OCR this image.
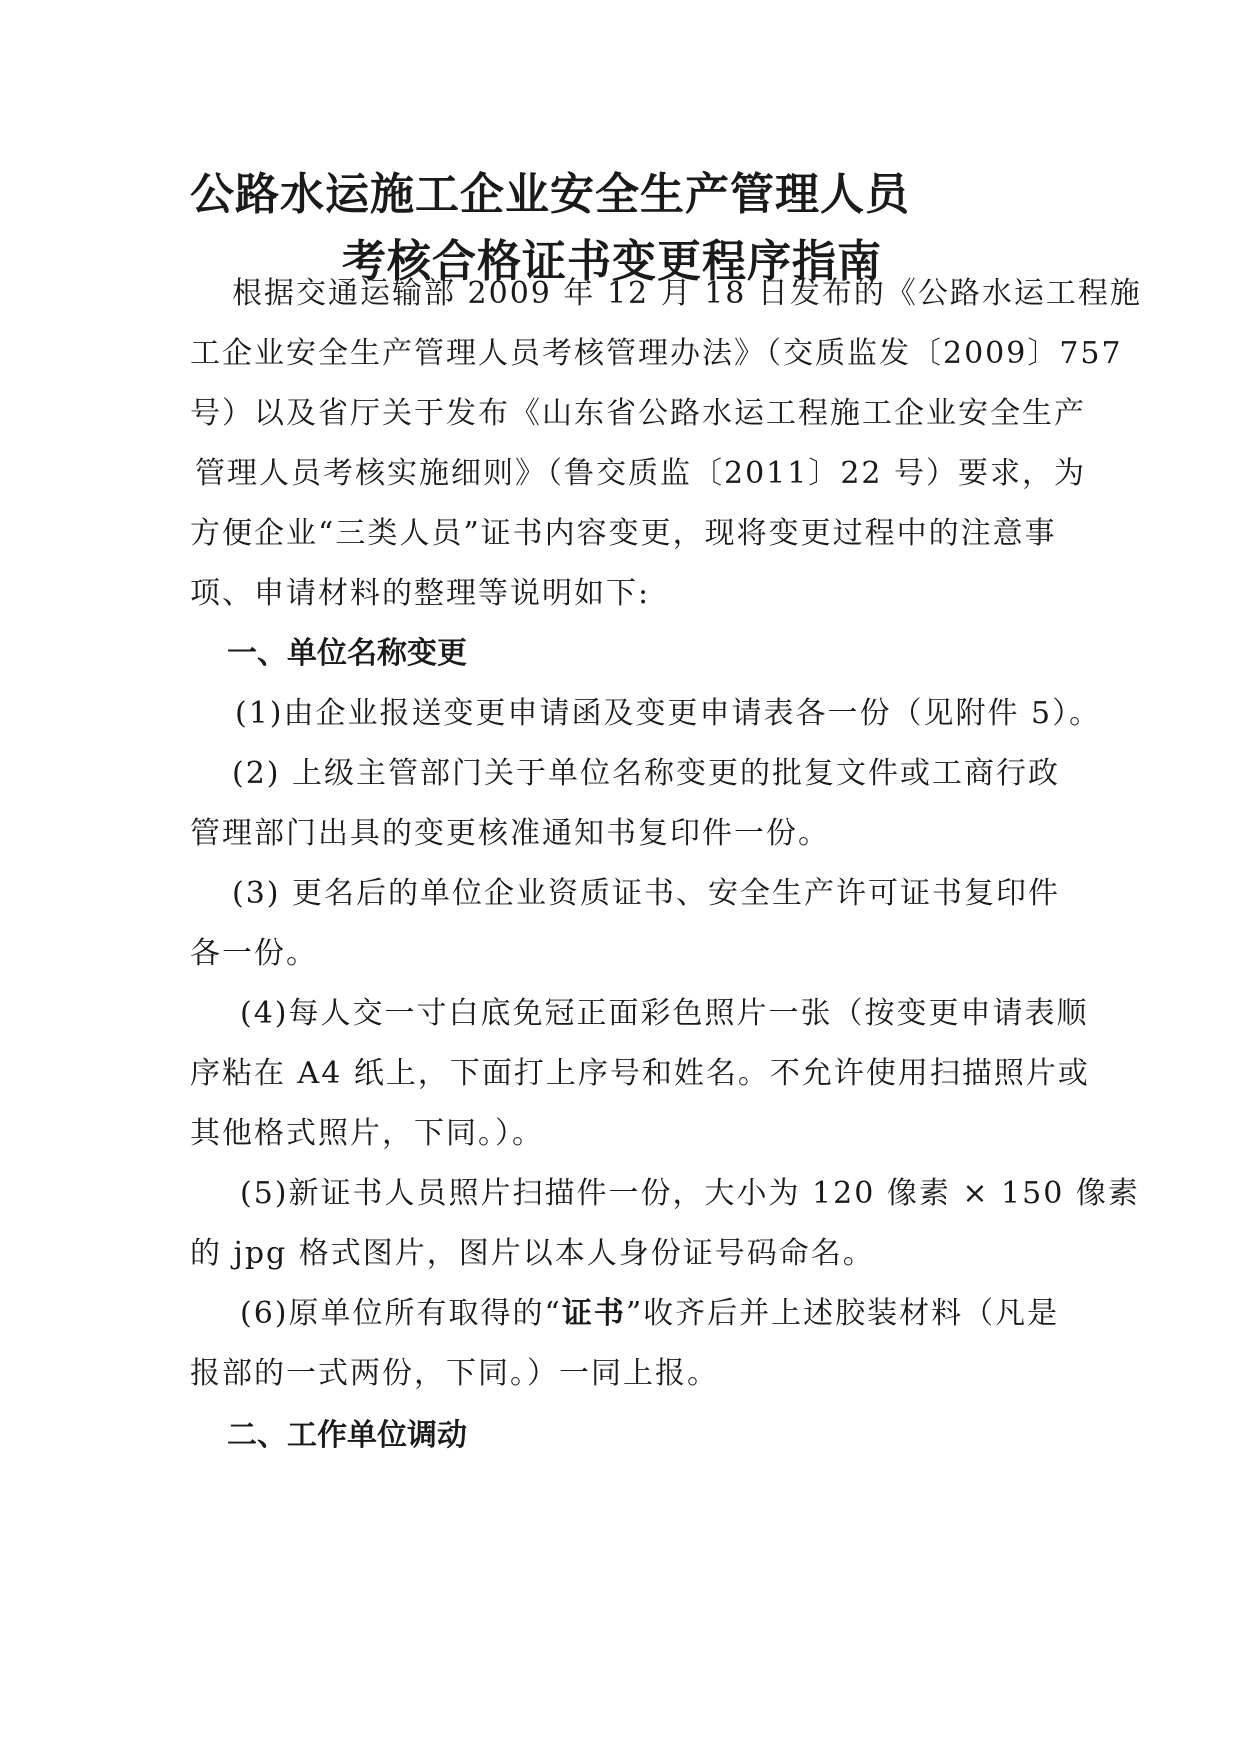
公路水运施工企业安全生产管理人员
考核合格证书变更程序指南

根据交通运输部 2009 年 12 月 18 日发布的《公路水运工程施

工企业安全生产管理人员考核管理办法》（交质监发〔2009〕757

号）以及省厅关于发布《山东省公路水运工程施工企业安全生产

管理人员考核实施细则》（鲁交质监〔2011〕22 号）要求，为

方便企业“三类人员”证书内容变更，现将变更过程中的注意事

项、申请材料的整理等说明如下:

一、单位名称变更

(1)由企业报送变更申请函及变更申请表各一份（见附件 5）。

(2) 上级主管部门关于单位名称变更的批复文件或工商行政

管理部门出具的变更核准通知书复印件一份。

(3) 更名后的单位企业资质证书、安全生产许可证书复印件

各一份。

(4)每人交一寸白底免冠正面彩色照片一张（按变更申请表顺

序粘在 A4 纸上，下面打上序号和姓名。不允许使用扫描照片或

其他格式照片，下同。）。

(5)新证书人员照片扫描件一份，大小为 120 像素 × 150 像素

的 jpg 格式图片，图片以本人身份证号码命名。

(6)原单位所有取得的“证书”收齐后并上述胶装材料（凡是

报部的一式两份，下同。）一同上报。

二、工作单位调动
